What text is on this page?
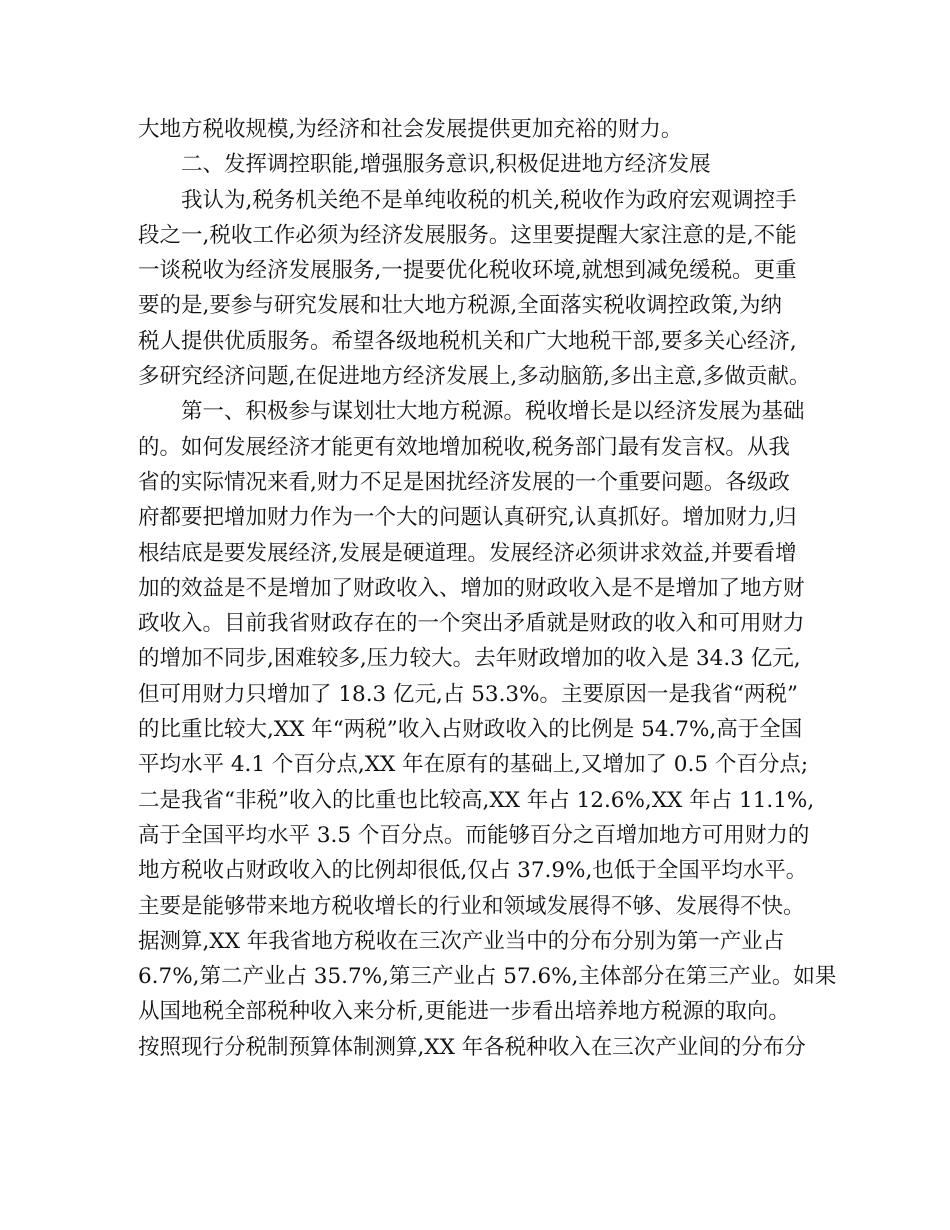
大地方税收规模,为经济和社会发展提供更加充裕的财力。
　　二、发挥调控职能,增强服务意识,积极促进地方经济发展
　　我认为,税务机关绝不是单纯收税的机关,税收作为政府宏观调控手
段之一,税收工作必须为经济发展服务。这里要提醒大家注意的是,不能
一谈税收为经济发展服务,一提要优化税收环境,就想到减免缓税。更重
要的是,要参与研究发展和壮大地方税源,全面落实税收调控政策,为纳
税人提供优质服务。希望各级地税机关和广大地税干部,要多关心经济,
多研究经济问题,在促进地方经济发展上,多动脑筋,多出主意,多做贡献。
　　第一、积极参与谋划壮大地方税源。税收增长是以经济发展为基础
的。如何发展经济才能更有效地增加税收,税务部门最有发言权。从我
省的实际情况来看,财力不足是困扰经济发展的一个重要问题。各级政
府都要把增加财力作为一个大的问题认真研究,认真抓好。增加财力,归
根结底是要发展经济,发展是硬道理。发展经济必须讲求效益,并要看增
加的效益是不是增加了财政收入、增加的财政收入是不是增加了地方财
政收入。目前我省财政存在的一个突出矛盾就是财政的收入和可用财力
的增加不同步,困难较多,压力较大。去年财政增加的收入是 34.3 亿元,
但可用财力只增加了 18.3 亿元,占 53.3%。主要原因一是我省“两税”
的比重比较大,XX 年“两税”收入占财政收入的比例是 54.7%,高于全国
平均水平 4.1 个百分点,XX 年在原有的基础上,又增加了 0.5 个百分点;
二是我省“非税”收入的比重也比较高,XX 年占 12.6%,XX 年占 11.1%,
高于全国平均水平 3.5 个百分点。而能够百分之百增加地方可用财力的
地方税收占财政收入的比例却很低,仅占 37.9%,也低于全国平均水平。
主要是能够带来地方税收增长的行业和领域发展得不够、发展得不快。
据测算,XX 年我省地方税收在三次产业当中的分布分别为第一产业占
6.7%,第二产业占 35.7%,第三产业占 57.6%,主体部分在第三产业。如果
从国地税全部税种收入来分析,更能进一步看出培养地方税源的取向。
按照现行分税制预算体制测算,XX 年各税种收入在三次产业间的分布分
